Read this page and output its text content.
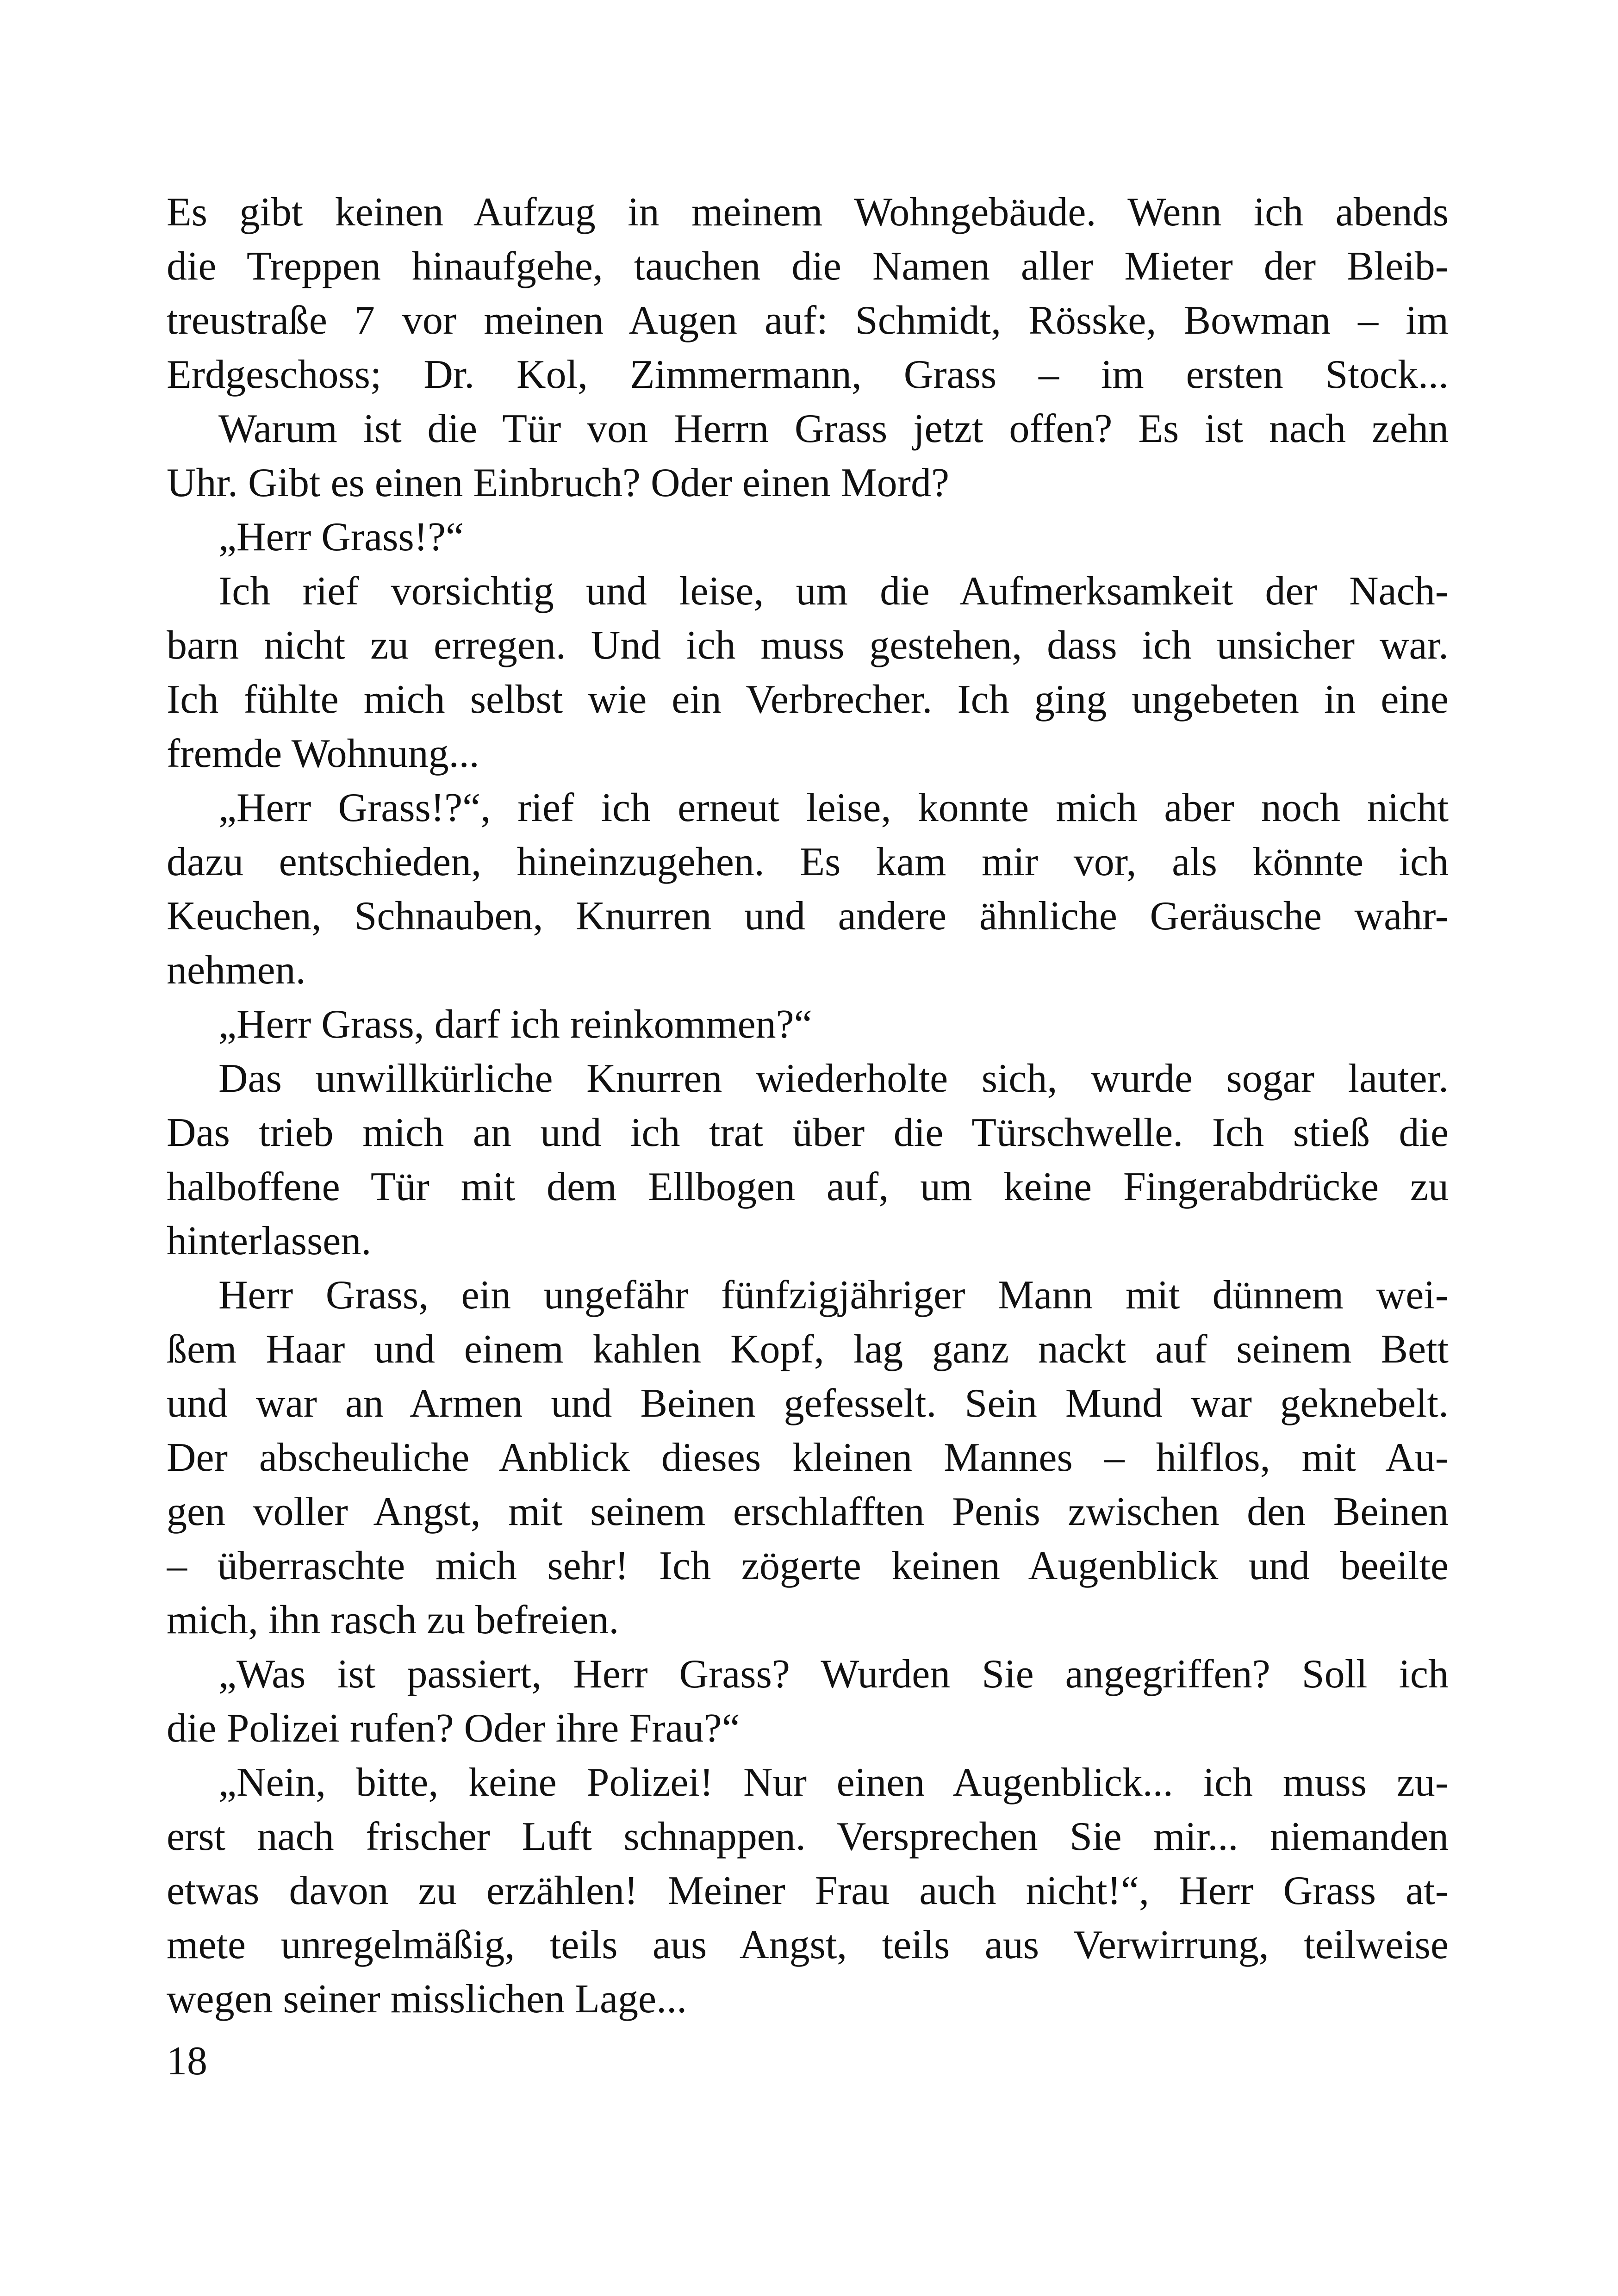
Es gibt keinen Aufzug in meinem Wohngebäude. Wenn ich abends
die Treppen hinaufgehe, tauchen die Namen aller Mieter der Bleib-
treustraße 7 vor meinen Augen auf: Schmidt, Rösske, Bowman – im
Erdgeschoss; Dr. Kol, Zimmermann, Grass – im ersten Stock...
Warum ist die Tür von Herrn Grass jetzt offen? Es ist nach zehn
Uhr. Gibt es einen Einbruch? Oder einen Mord?
„Herr Grass!?“
Ich rief vorsichtig und leise, um die Aufmerksamkeit der Nach-
barn nicht zu erregen. Und ich muss gestehen, dass ich unsicher war.
Ich fühlte mich selbst wie ein Verbrecher. Ich ging ungebeten in eine
fremde Wohnung...
„Herr Grass!?“, rief ich erneut leise, konnte mich aber noch nicht
dazu entschieden, hineinzugehen. Es kam mir vor, als könnte ich
Keuchen, Schnauben, Knurren und andere ähnliche Geräusche wahr-
nehmen.
„Herr Grass, darf ich reinkommen?“
Das unwillkürliche Knurren wiederholte sich, wurde sogar lauter.
Das trieb mich an und ich trat über die Türschwelle. Ich stieß die
halboffene Tür mit dem Ellbogen auf, um keine Fingerabdrücke zu
hinterlassen.
Herr Grass, ein ungefähr fünfzigjähriger Mann mit dünnem wei-
ßem Haar und einem kahlen Kopf, lag ganz nackt auf seinem Bett
und war an Armen und Beinen gefesselt. Sein Mund war geknebelt.
Der abscheuliche Anblick dieses kleinen Mannes – hilflos, mit Au-
gen voller Angst, mit seinem erschlafften Penis zwischen den Beinen
– überraschte mich sehr! Ich zögerte keinen Augenblick und beeilte
mich, ihn rasch zu befreien.
„Was ist passiert, Herr Grass? Wurden Sie angegriffen? Soll ich
die Polizei rufen? Oder ihre Frau?“
„Nein, bitte, keine Polizei! Nur einen Augenblick... ich muss zu-
erst nach frischer Luft schnappen. Versprechen Sie mir... niemanden
etwas davon zu erzählen! Meiner Frau auch nicht!“, Herr Grass at-
mete unregelmäßig, teils aus Angst, teils aus Verwirrung, teilweise
wegen seiner misslichen Lage...
18
